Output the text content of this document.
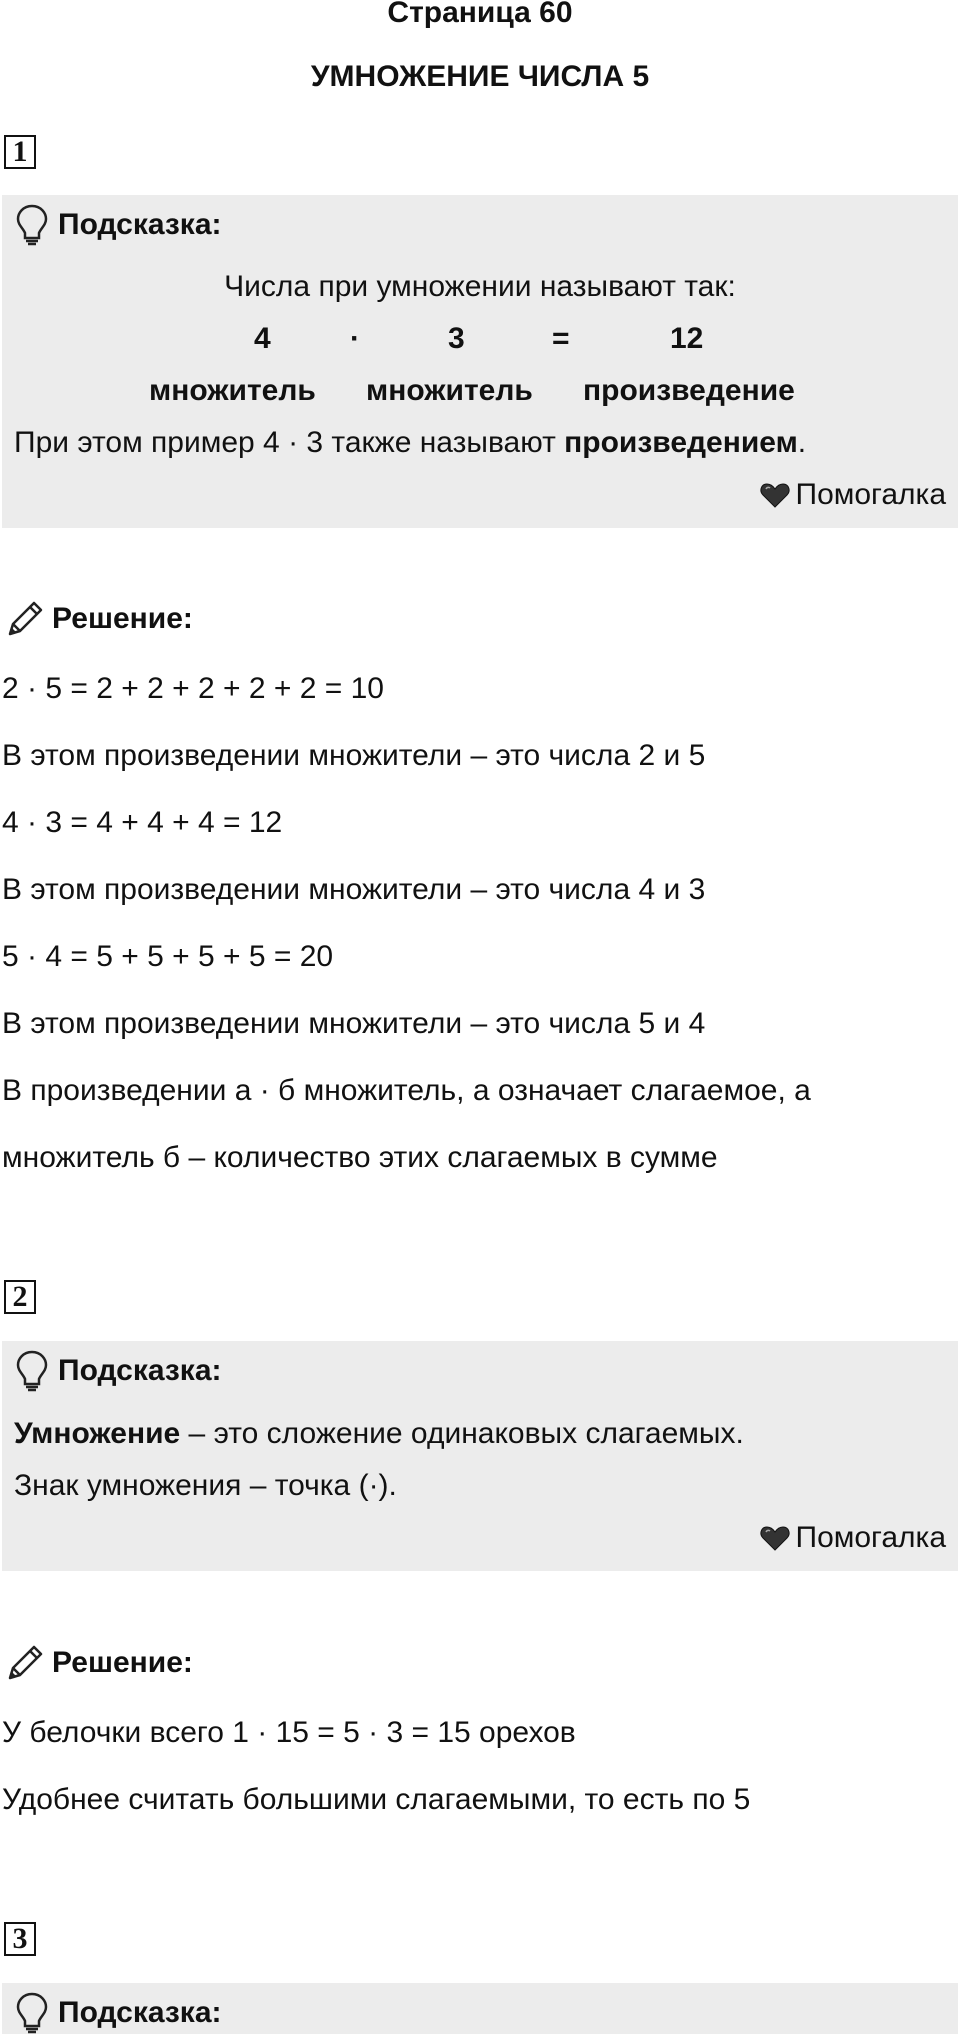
Страница 60
УМНОЖЕНИЕ ЧИСЛА 5
1
Подсказка:
Числа при умножении называют так:
4	·	3	=	12
множитель множитель произведение
При этом пример 4 · 3 также называют произведением.
Помогалка
Решение:
2 · 5 = 2 + 2 + 2 + 2 + 2 = 10
В этом произведении множители – это числа 2 и 5
4 · 3 = 4 + 4 + 4 = 12
В этом произведении множители – это числа 4 и 3
5 · 4 = 5 + 5 + 5 + 5 = 20
В этом произведении множители – это числа 5 и 4
В произведении а · б множитель, а означает слагаемое, а
множитель б – количество этих слагаемых в сумме
2
Подсказка:
Умножение – это сложение одинаковых слагаемых.
Знак умножения – точка (·).
Помогалка
Решение:
У белочки всего 1 · 15 = 5 · 3 = 15 орехов
Удобнее считать большими слагаемыми, то есть по 5
3
Подсказка:
